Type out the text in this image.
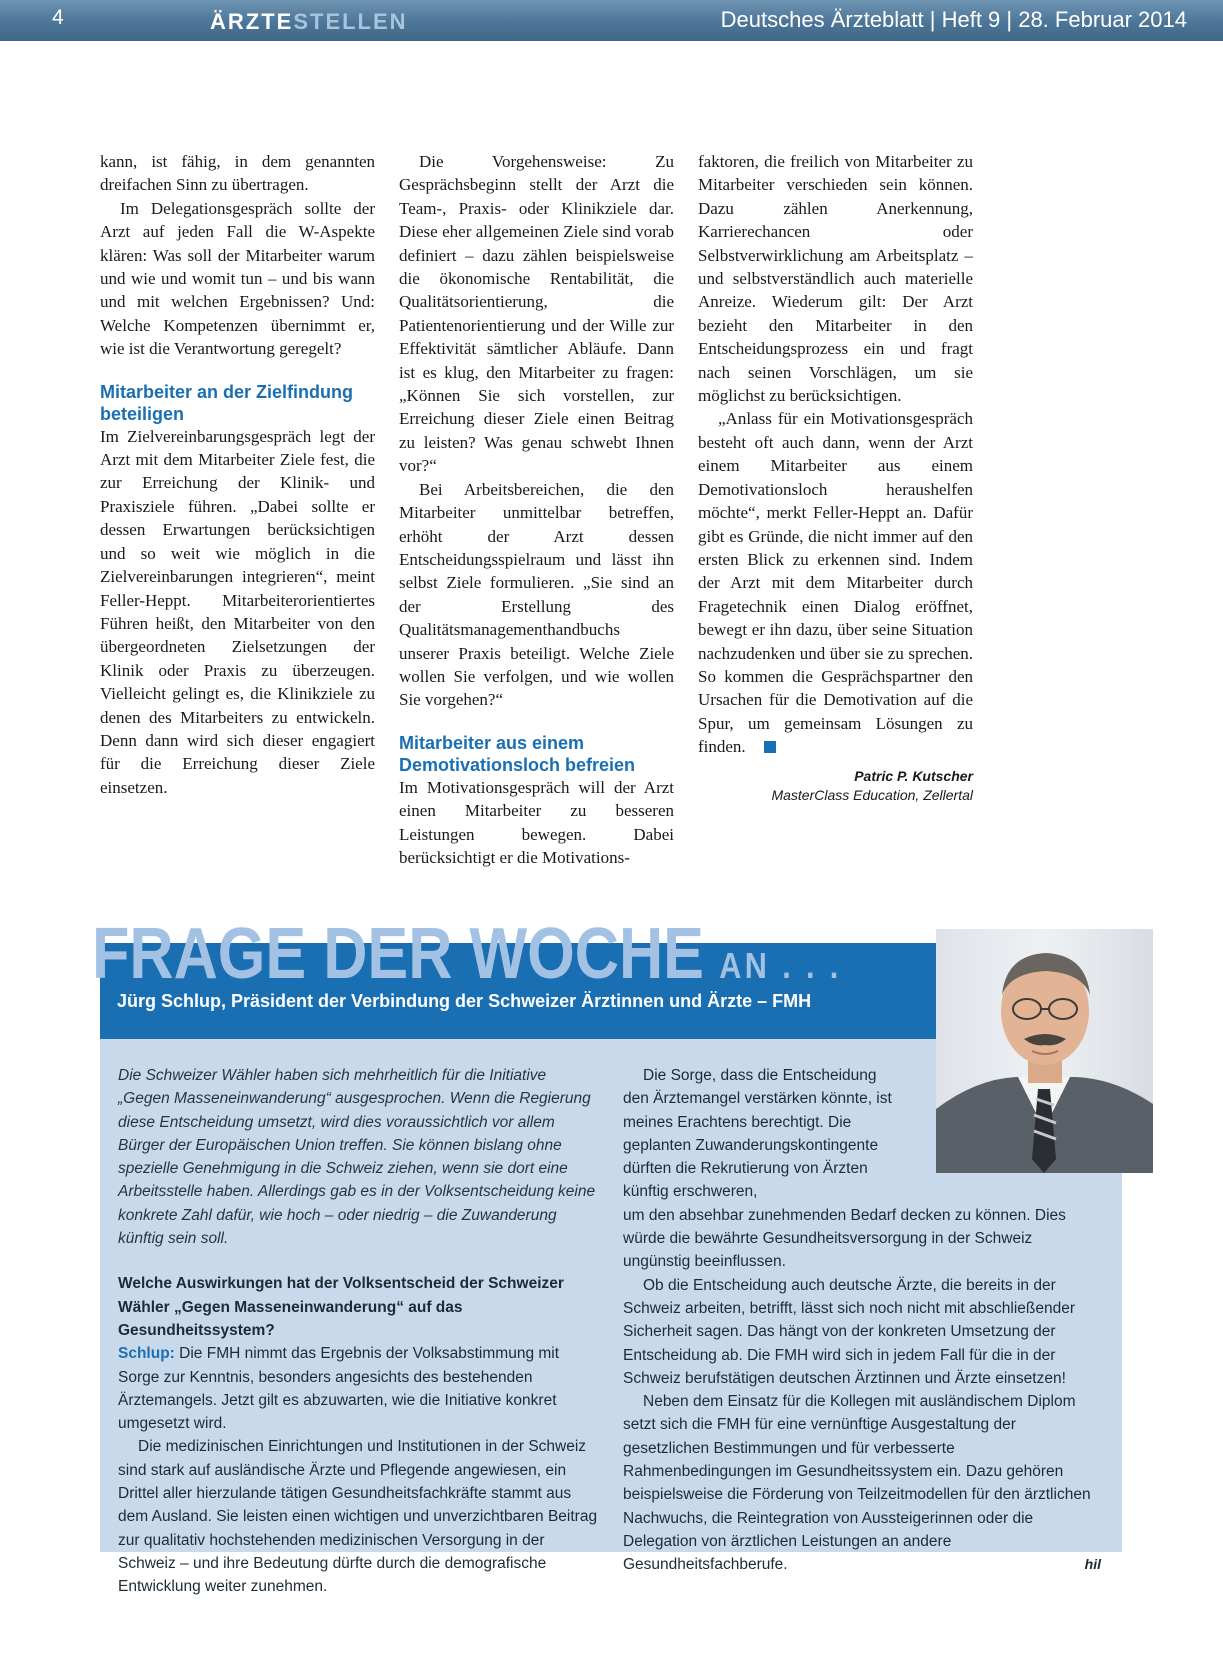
4	ÄRZTESTELLEN	Deutsches Ärzteblatt | Heft 9 | 28. Februar 2014

kann, ist fähig, in dem genannten dreifachen Sinn zu übertragen.

Im Delegationsgespräch sollte der Arzt auf jeden Fall die W-Aspekte klären: Was soll der Mitarbeiter warum und wie und womit tun – und bis wann und mit welchen Ergebnissen? Und: Welche Kompetenzen übernimmt er, wie ist die Verantwortung geregelt?

Mitarbeiter an der Zielfindung beteiligen

Im Zielvereinbarungsgespräch legt der Arzt mit dem Mitarbeiter Ziele fest, die zur Erreichung der Klinik- und Praxisziele führen. „Dabei sollte er dessen Erwartungen berücksichtigen und so weit wie möglich in die Zielvereinbarungen integrieren“, meint Feller-Heppt. Mitarbeiterorientiertes Führen heißt, den Mitarbeiter von den übergeordneten Zielsetzungen der Klinik oder Praxis zu überzeugen. Vielleicht gelingt es, die Klinikziele zu denen des Mitarbeiters zu entwickeln. Denn dann wird sich dieser engagiert für die Erreichung dieser Ziele einsetzen.

Die Vorgehensweise: Zu Gesprächsbeginn stellt der Arzt die Team-, Praxis- oder Klinikziele dar. Diese eher allgemeinen Ziele sind vorab definiert – dazu zählen beispielsweise die ökonomische Rentabilität, die Qualitätsorientierung, die Patientenorientierung und der Wille zur Effektivität sämtlicher Abläufe. Dann ist es klug, den Mitarbeiter zu fragen: „Können Sie sich vorstellen, zur Erreichung dieser Ziele einen Beitrag zu leisten? Was genau schwebt Ihnen vor?“

Bei Arbeitsbereichen, die den Mitarbeiter unmittelbar betreffen, erhöht der Arzt dessen Entscheidungsspielraum und lässt ihn selbst Ziele formulieren. „Sie sind an der Erstellung des Qualitätsmanagementhandbuchs unserer Praxis beteiligt. Welche Ziele wollen Sie verfolgen, und wie wollen Sie vorgehen?“

Mitarbeiter aus einem Demotivationsloch befreien

Im Motivationsgespräch will der Arzt einen Mitarbeiter zu besseren Leistungen bewegen. Dabei berücksichtigt er die Motivations-

faktoren, die freilich von Mitarbeiter zu Mitarbeiter verschieden sein können. Dazu zählen Anerkennung, Karrierechancen oder Selbstverwirklichung am Arbeitsplatz – und selbstverständlich auch materielle Anreize. Wiederum gilt: Der Arzt bezieht den Mitarbeiter in den Entscheidungsprozess ein und fragt nach seinen Vorschlägen, um sie möglichst zu berücksichtigen.

„Anlass für ein Motivationsgespräch besteht oft auch dann, wenn der Arzt einem Mitarbeiter aus einem Demotivationsloch heraushelfen möchte“, merkt Feller-Heppt an. Dafür gibt es Gründe, die nicht immer auf den ersten Blick zu erkennen sind. Indem der Arzt mit dem Mitarbeiter durch Fragetechnik einen Dialog eröffnet, bewegt er ihn dazu, über seine Situation nachzudenken und über sie zu sprechen. So kommen die Gesprächspartner den Ursachen für die Demotivation auf die Spur, um gemeinsam Lösungen zu finden.

Patric P. Kutscher
MasterClass Education, Zellertal
FRAGE DER WOCHE AN . . .
Jürg Schlup, Präsident der Verbindung der Schweizer Ärztinnen und Ärzte – FMH

Die Schweizer Wähler haben sich mehrheitlich für die Initiative „Gegen Masseneinwanderung“ ausgesprochen. Wenn die Regierung diese Entscheidung umsetzt, wird dies voraussichtlich vor allem Bürger der Europäischen Union treffen. Sie können bislang ohne spezielle Genehmigung in die Schweiz ziehen, wenn sie dort eine Arbeitsstelle haben. Allerdings gab es in der Volksentscheidung keine konkrete Zahl dafür, wie hoch – oder niedrig – die Zuwanderung künftig sein soll.

Welche Auswirkungen hat der Volksentscheid der Schweizer Wähler „Gegen Masseneinwanderung“ auf das Gesundheitssystem?

Schlup: Die FMH nimmt das Ergebnis der Volksabstimmung mit Sorge zur Kenntnis, besonders angesichts des bestehenden Ärztemangels. Jetzt gilt es abzuwarten, wie die Initiative konkret umgesetzt wird.

Die medizinischen Einrichtungen und Institutionen in der Schweiz sind stark auf ausländische Ärzte und Pflegende angewiesen, ein Drittel aller hierzulande tätigen Gesundheitsfachkräfte stammt aus dem Ausland. Sie leisten einen wichtigen und unverzichtbaren Beitrag zur qualitativ hochstehenden medizinischen Versorgung in der Schweiz – und ihre Bedeutung dürfte durch die demografische Entwicklung weiter zunehmen.

Die Sorge, dass die Entscheidung den Ärztemangel verstärken könnte, ist meines Erachtens berechtigt. Die geplanten Zuwanderungskontingente dürften die Rekrutierung von Ärzten künftig erschweren,

um den absehbar zunehmenden Bedarf decken zu können. Dies würde die bewährte Gesundheitsversorgung in der Schweiz ungünstig beeinflussen.

Ob die Entscheidung auch deutsche Ärzte, die bereits in der Schweiz arbeiten, betrifft, lässt sich noch nicht mit abschließender Sicherheit sagen. Das hängt von der konkreten Umsetzung der Entscheidung ab. Die FMH wird sich in jedem Fall für die in der Schweiz berufstätigen deutschen Ärztinnen und Ärzte einsetzen!

Neben dem Einsatz für die Kollegen mit ausländischem Diplom setzt sich die FMH für eine vernünftige Ausgestaltung der gesetzlichen Bestimmungen und für verbesserte Rahmenbedingungen im Gesundheitssystem ein. Dazu gehören beispielsweise die Förderung von Teilzeitmodellen für den ärztlichen Nachwuchs, die Reintegration von Aussteigerinnen oder die Delegation von ärztlichen Leistungen an andere Gesundheitsfachberufe.	hil
